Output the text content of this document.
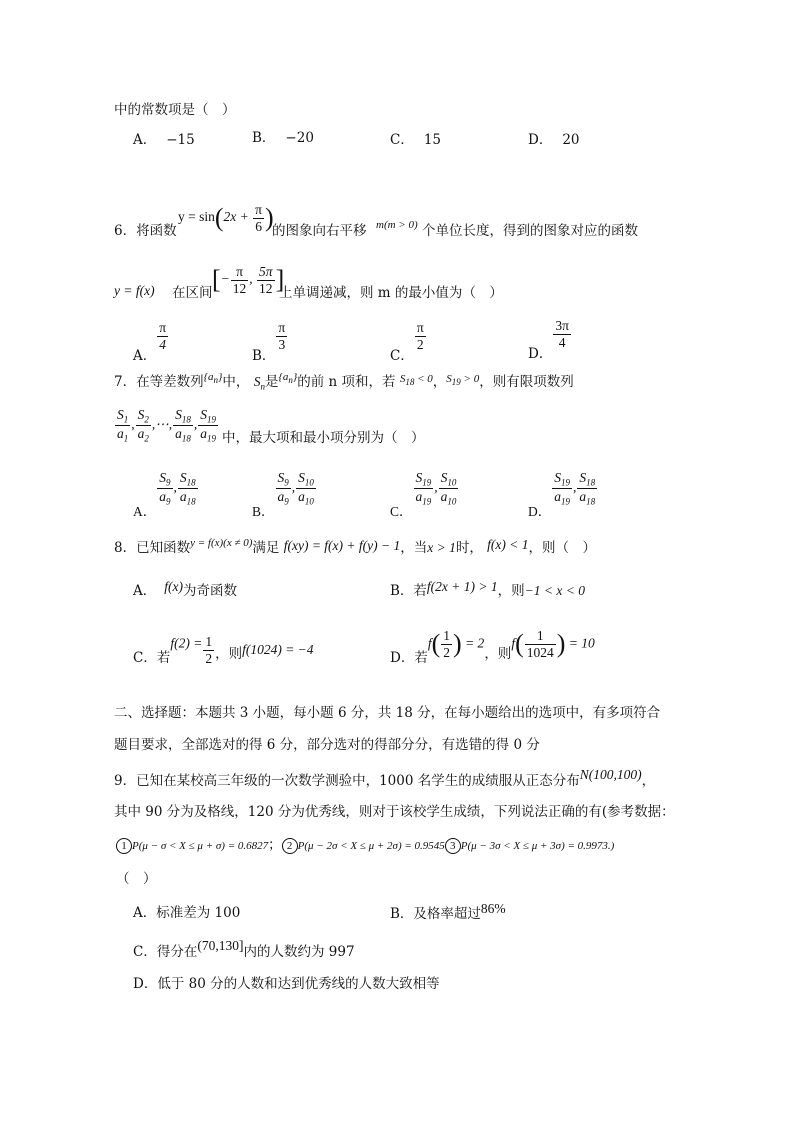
中的常数项是（　）
A． −15	B． −20	C． 15	D． 20
6．将函数
$y = \sin(2x + \frac{\pi}{6}$ )
的图象向右平移 m(m > 0) 个单位长度，得到的图象对应的函数
y = f(x) 在区间 [− $\frac{\pi}{12}$ , $\frac{5\pi}{12}$ ]
上单调递减，则 m 的最小值为（　）
A．
$\frac{\pi}{4}$
B．
$\frac{\pi}{3}$
C．
$\frac{\pi}{2}$
D．
$\frac{3\pi}{4}$
7．在等差数列$^{\{a_n\}}$中， $S_n$是$^{\{a_n\}}$的前 n 项和，若 $^{S_{18} < 0}$，$^{S_{19} > 0}$，则有限项数列
$\frac{S_1}{a_1}$ , $\frac{S_2}{a_2}$ ,⋯, $\frac{S_{18}}{a_{18}}$ , $\frac{S_{19}}{a_{19}}$ 中，最大项和最小项分别为（　）
A．
$\frac{S_9}{a_9}$ , $\frac{S_{18}}{a_{18}}$
B．
$\frac{S_9}{a_9}$ , $\frac{S_{10}}{a_{10}}$
C．
$\frac{S_{19}}{a_{19}}$ , $\frac{S_{10}}{a_{10}}$
D．
$\frac{S_{19}}{a_{19}}$ , $\frac{S_{18}}{a_{18}}$
8．已知函数$^{y = f(x)(x \ne 0)}$满足 f(xy) = f(x) + f(y) − 1，当x > 1时， f(x) < 1，则（　）
A． f(x)为奇函数	B．若f(2x + 1) > 1，则−1 < x < 0
C．若$f(2) = \frac{1}{2}$ ，则f(1024) = −4
D．若$f( \frac{1}{2}$ ) = 2，则$f( \frac{1}{1024}$ ) = 10
二、选择题：本题共 3 小题，每小题 6 分，共 18 分，在每小题给出的选项中，有多项符合
题目要求，全部选对的得 6 分，部分选对的得部分分，有选错的得 0 分
9．已知在某校高三年级的一次数学测验中，1000 名学生的成绩服从正态分布N(100,100)，
其中 90 分为及格线，120 分为优秀线，则对于该校学生成绩，下列说法正确的有(参考数据：
1 P(μ − σ < X ≤ μ + σ) = 0.6827； 2 P(μ − 2σ < X ≤ μ + 2σ) = 0.9545 3 P(μ − 3σ < X ≤ μ + 3σ) = 0.9973.)
（　）
A．标准差为 100	B．及格率超过86%
C．得分在(70,130]内的人数约为 997
D．低于 80 分的人数和达到优秀线的人数大致相等
